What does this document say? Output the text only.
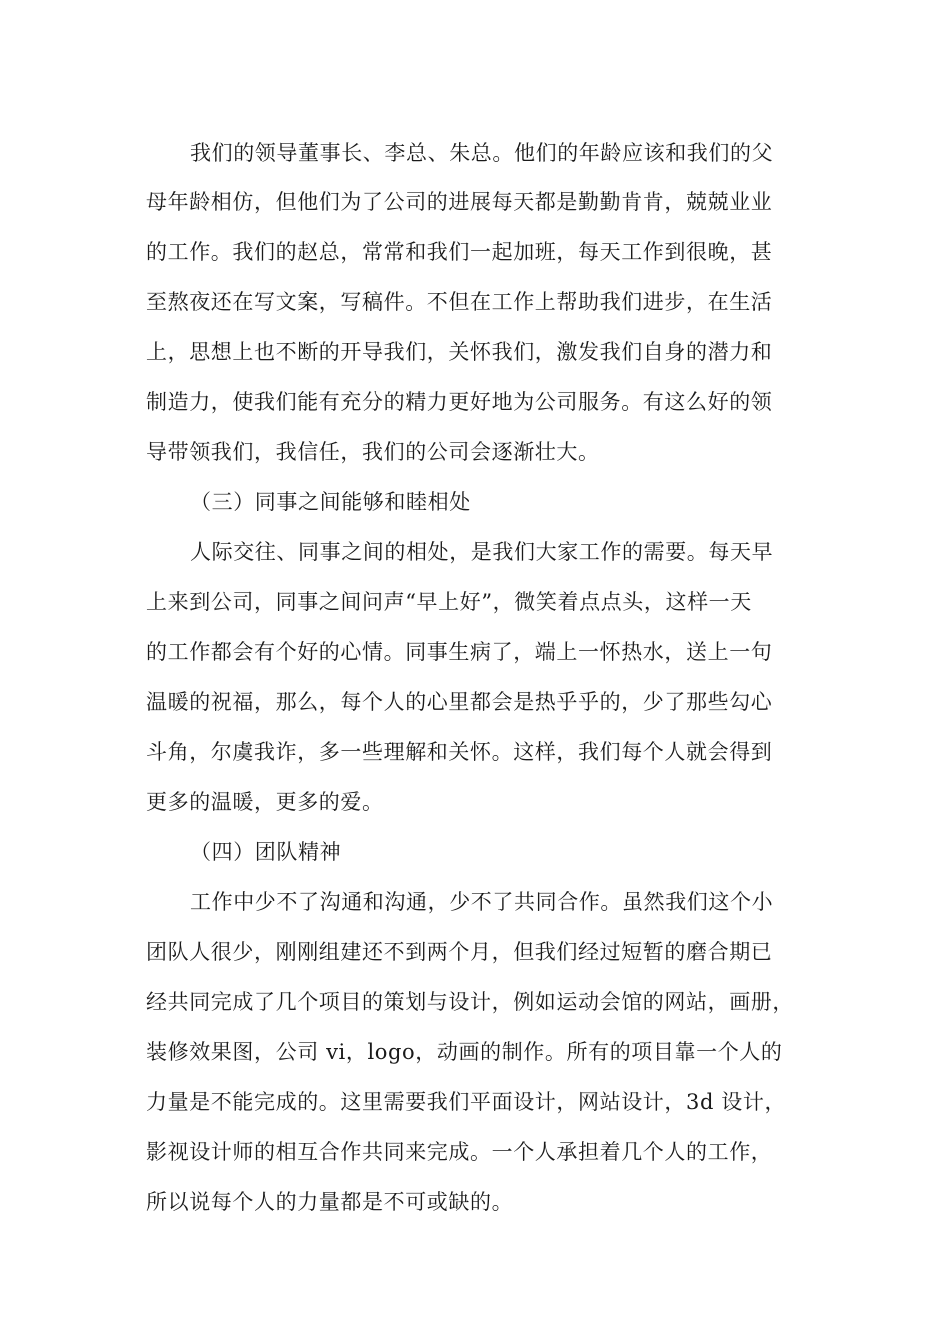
我们的领导董事长、李总、朱总。他们的年龄应该和我们的父
母年龄相仿，但他们为了公司的进展每天都是勤勤肯肯，兢兢业业
的工作。我们的赵总，常常和我们一起加班，每天工作到很晚，甚
至熬夜还在写文案，写稿件。不但在工作上帮助我们进步，在生活
上，思想上也不断的开导我们，关怀我们，激发我们自身的潜力和
制造力，使我们能有充分的精力更好地为公司服务。有这么好的领
导带领我们，我信任，我们的公司会逐渐壮大。
（三）同事之间能够和睦相处
人际交往、同事之间的相处，是我们大家工作的需要。每天早
上来到公司，同事之间问声“早上好”，微笑着点点头，这样一天
的工作都会有个好的心情。同事生病了，端上一怀热水，送上一句
温暖的祝福，那么，每个人的心里都会是热乎乎的，少了那些勾心
斗角，尔虞我诈，多一些理解和关怀。这样，我们每个人就会得到
更多的温暖，更多的爱。
（四）团队精神
工作中少不了沟通和沟通，少不了共同合作。虽然我们这个小
团队人很少，刚刚组建还不到两个月，但我们经过短暂的磨合期已
经共同完成了几个项目的策划与设计，例如运动会馆的网站，画册，
装修效果图，公司 vi，logo，动画的制作。所有的项目靠一个人的
力量是不能完成的。这里需要我们平面设计，网站设计，3d 设计，
影视设计师的相互合作共同来完成。一个人承担着几个人的工作，
所以说每个人的力量都是不可或缺的。
